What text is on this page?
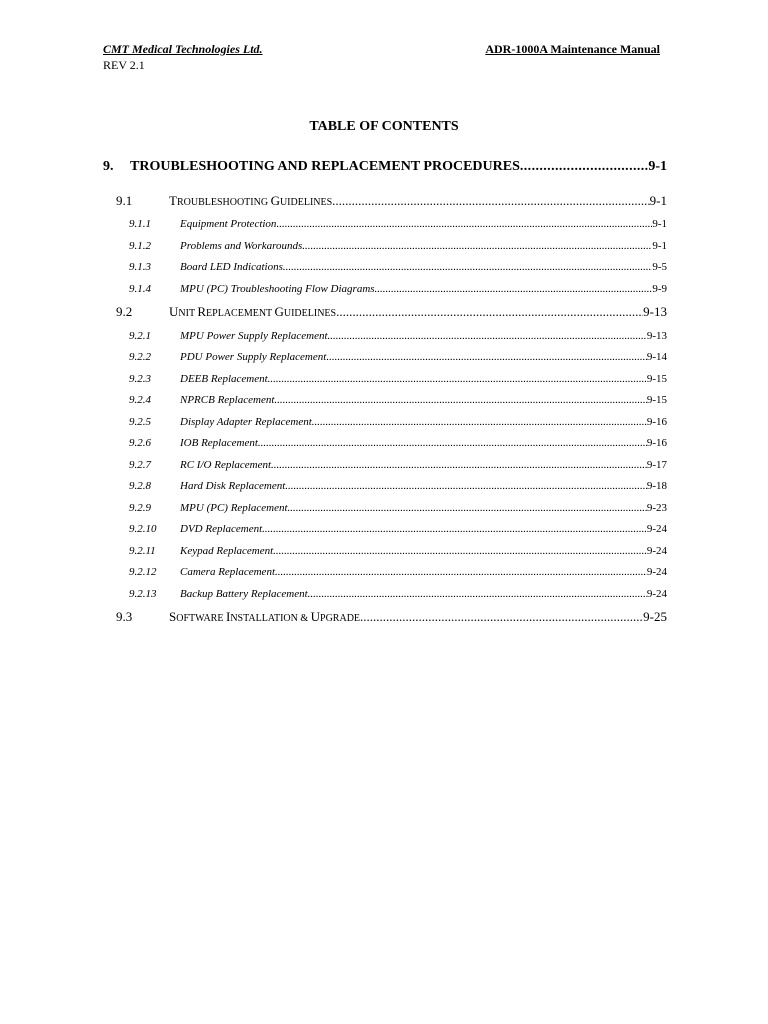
CMT Medical Technologies Ltd.	ADR-1000A Maintenance Manual
REV 2.1
TABLE OF CONTENTS
9.	TROUBLESHOOTING AND REPLACEMENT PROCEDURES .....	9-1
9.1	TROUBLESHOOTING GUIDELINES .....	9-1
9.1.1	Equipment Protection .....	9-1
9.1.2	Problems and Workarounds .....	9-1
9.1.3	Board LED Indications .....	9-5
9.1.4	MPU (PC) Troubleshooting Flow Diagrams .....	9-9
9.2	UNIT REPLACEMENT GUIDELINES .....	9-13
9.2.1	MPU Power Supply Replacement .....	9-13
9.2.2	PDU Power Supply Replacement .....	9-14
9.2.3	DEEB Replacement .....	9-15
9.2.4	NPRCB Replacement .....	9-15
9.2.5	Display Adapter Replacement .....	9-16
9.2.6	IOB Replacement .....	9-16
9.2.7	RC I/O Replacement .....	9-17
9.2.8	Hard Disk Replacement .....	9-18
9.2.9	MPU (PC) Replacement .....	9-23
9.2.10	DVD Replacement .....	9-24
9.2.11	Keypad Replacement .....	9-24
9.2.12	Camera Replacement .....	9-24
9.2.13	Backup Battery Replacement .....	9-24
9.3	SOFTWARE INSTALLATION & UPGRADE .....	9-25
